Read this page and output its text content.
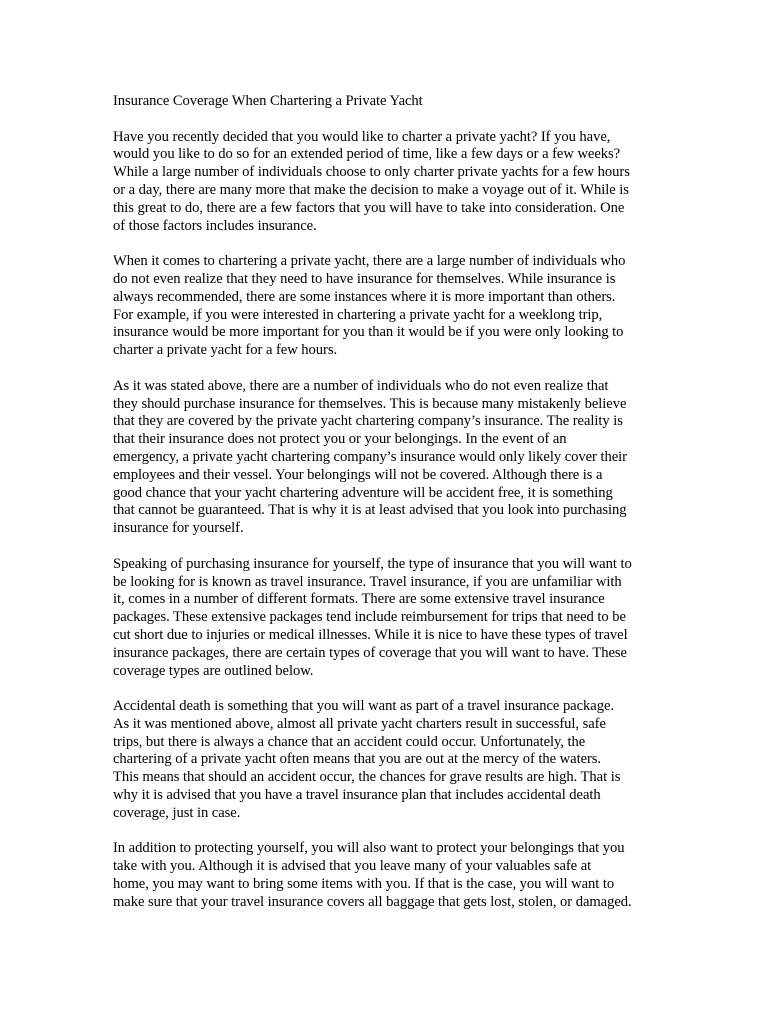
Insurance Coverage When Chartering a Private Yacht

Have you recently decided that you would like to charter a private yacht? If you have,
would you like to do so for an extended period of time, like a few days or a few weeks?
While a large number of individuals choose to only charter private yachts for a few hours
or a day, there are many more that make the decision to make a voyage out of it. While is
this great to do, there are a few factors that you will have to take into consideration. One
of those factors includes insurance.

When it comes to chartering a private yacht, there are a large number of individuals who
do not even realize that they need to have insurance for themselves. While insurance is
always recommended, there are some instances where it is more important than others.
For example, if you were interested in chartering a private yacht for a weeklong trip,
insurance would be more important for you than it would be if you were only looking to
charter a private yacht for a few hours.

As it was stated above, there are a number of individuals who do not even realize that
they should purchase insurance for themselves. This is because many mistakenly believe
that they are covered by the private yacht chartering company’s insurance. The reality is
that their insurance does not protect you or your belongings. In the event of an
emergency, a private yacht chartering company’s insurance would only likely cover their
employees and their vessel. Your belongings will not be covered. Although there is a
good chance that your yacht chartering adventure will be accident free, it is something
that cannot be guaranteed. That is why it is at least advised that you look into purchasing
insurance for yourself.

Speaking of purchasing insurance for yourself, the type of insurance that you will want to
be looking for is known as travel insurance. Travel insurance, if you are unfamiliar with
it, comes in a number of different formats. There are some extensive travel insurance
packages. These extensive packages tend include reimbursement for trips that need to be
cut short due to injuries or medical illnesses. While it is nice to have these types of travel
insurance packages, there are certain types of coverage that you will want to have. These
coverage types are outlined below.

Accidental death is something that you will want as part of a travel insurance package.
As it was mentioned above, almost all private yacht charters result in successful, safe
trips, but there is always a chance that an accident could occur. Unfortunately, the
chartering of a private yacht often means that you are out at the mercy of the waters.
This means that should an accident occur, the chances for grave results are high. That is
why it is advised that you have a travel insurance plan that includes accidental death
coverage, just in case.

In addition to protecting yourself, you will also want to protect your belongings that you
take with you. Although it is advised that you leave many of your valuables safe at
home, you may want to bring some items with you. If that is the case, you will want to
make sure that your travel insurance covers all baggage that gets lost, stolen, or damaged.
